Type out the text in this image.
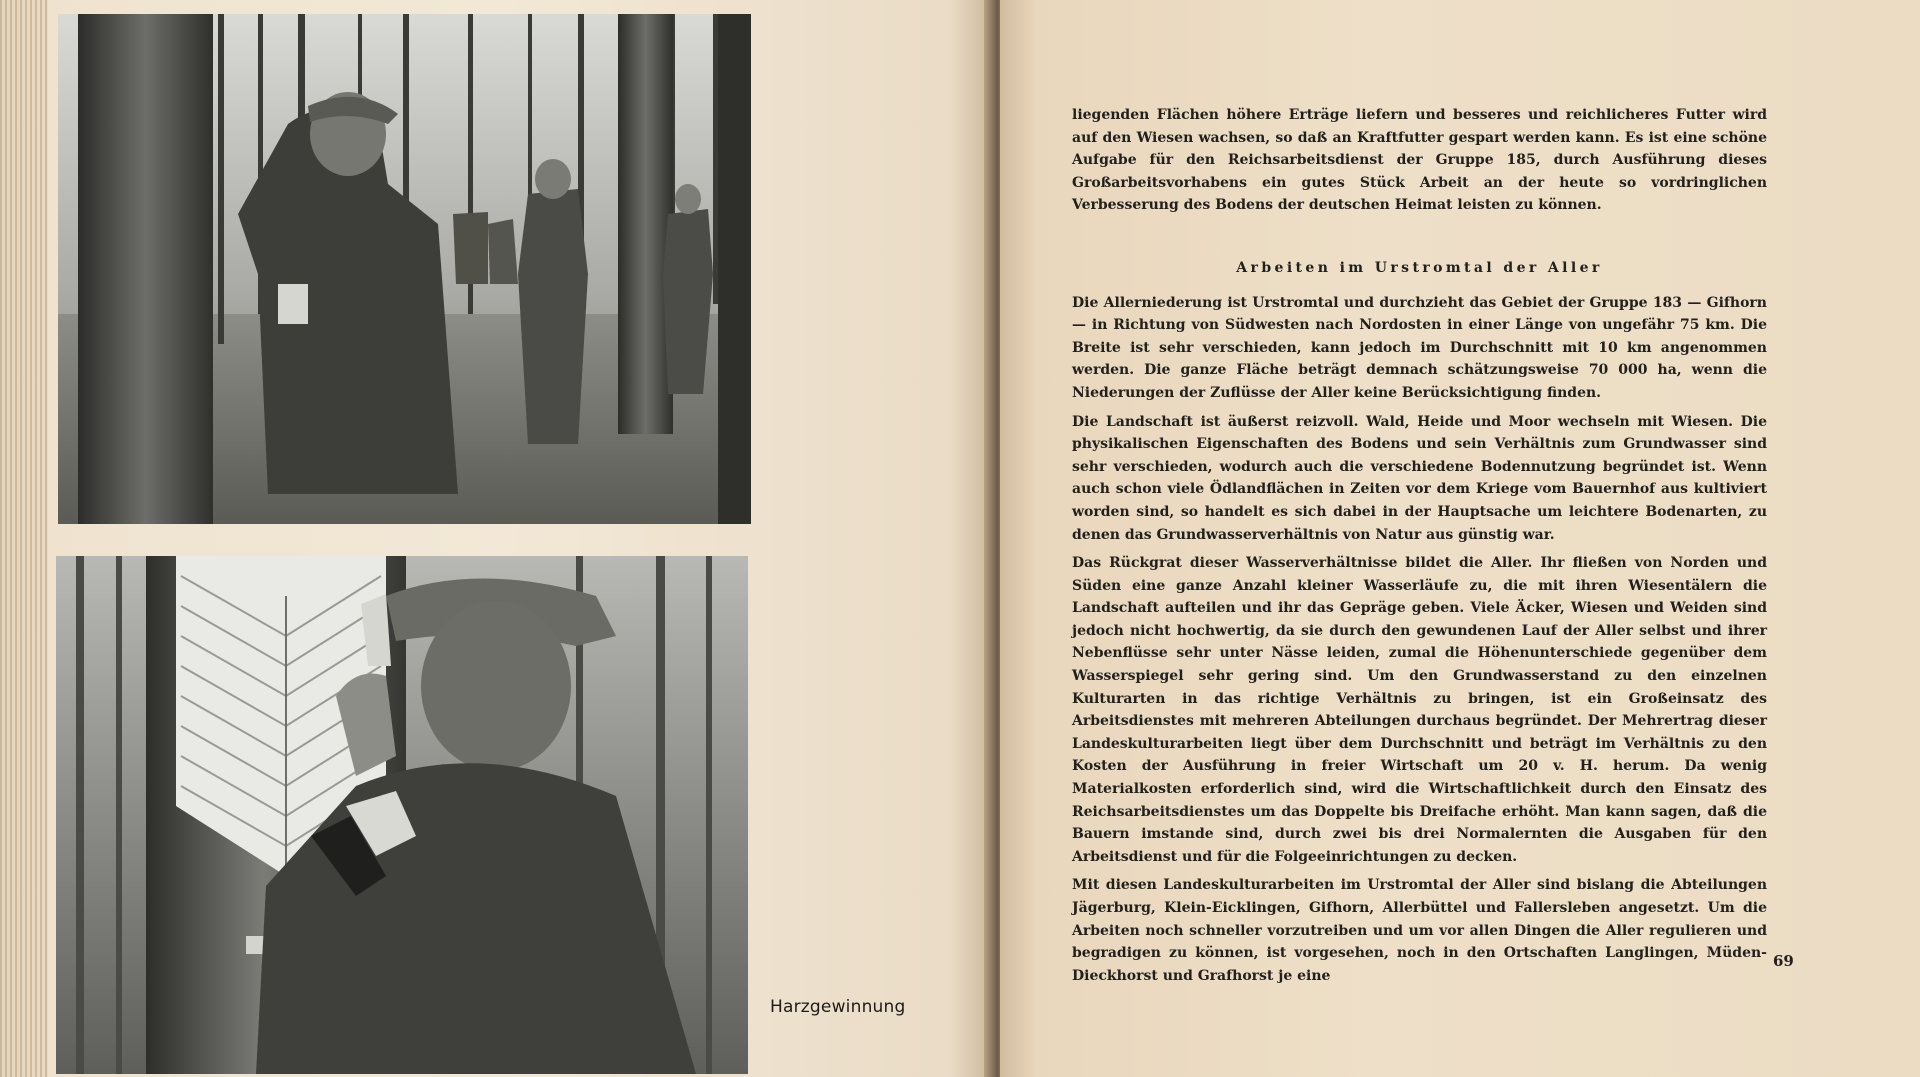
Harzgewinnung

liegenden Flächen höhere Erträge liefern und besseres und reichlicheres Futter wird auf den Wiesen wachsen, so daß an Kraftfutter gespart werden kann. Es ist eine schöne Aufgabe für den Reichsarbeitsdienst der Gruppe 185, durch Ausführung dieses Großarbeitsvorhabens ein gutes Stück Arbeit an der heute so vordringlichen Verbesserung des Bodens der deutschen Heimat leisten zu können.

Arbeiten im Urstromtal der Aller

Die Allerniederung ist Urstromtal und durchzieht das Gebiet der Gruppe 183 — Gifhorn — in Richtung von Südwesten nach Nordosten in einer Länge von ungefähr 75 km. Die Breite ist sehr verschieden, kann jedoch im Durchschnitt mit 10 km angenommen werden. Die ganze Fläche beträgt demnach schätzungsweise 70 000 ha, wenn die Niederungen der Zuflüsse der Aller keine Berücksichtigung finden.

Die Landschaft ist äußerst reizvoll. Wald, Heide und Moor wechseln mit Wiesen. Die physikalischen Eigenschaften des Bodens und sein Verhältnis zum Grundwasser sind sehr verschieden, wodurch auch die verschiedene Bodennutzung begründet ist. Wenn auch schon viele Ödlandflächen in Zeiten vor dem Kriege vom Bauernhof aus kultiviert worden sind, so handelt es sich dabei in der Hauptsache um leichtere Bodenarten, zu denen das Grundwasserverhältnis von Natur aus günstig war.

Das Rückgrat dieser Wasserverhältnisse bildet die Aller. Ihr fließen von Norden und Süden eine ganze Anzahl kleiner Wasserläufe zu, die mit ihren Wiesentälern die Landschaft aufteilen und ihr das Gepräge geben. Viele Äcker, Wiesen und Weiden sind jedoch nicht hochwertig, da sie durch den gewundenen Lauf der Aller selbst und ihrer Nebenflüsse sehr unter Nässe leiden, zumal die Höhenunterschiede gegenüber dem Wasserspiegel sehr gering sind. Um den Grundwasserstand zu den einzelnen Kulturarten in das richtige Verhältnis zu bringen, ist ein Großeinsatz des Arbeitsdienstes mit mehreren Abteilungen durchaus begründet. Der Mehrertrag dieser Landeskulturarbeiten liegt über dem Durchschnitt und beträgt im Verhältnis zu den Kosten der Ausführung in freier Wirtschaft um 20 v. H. herum. Da wenig Materialkosten erforderlich sind, wird die Wirtschaftlichkeit durch den Einsatz des Reichsarbeitsdienstes um das Doppelte bis Dreifache erhöht. Man kann sagen, daß die Bauern imstande sind, durch zwei bis drei Normalernten die Ausgaben für den Arbeitsdienst und für die Folgeeinrichtungen zu decken.

Mit diesen Landeskulturarbeiten im Urstromtal der Aller sind bislang die Abteilungen Jägerburg, Klein-Eicklingen, Gifhorn, Allerbüttel und Fallersleben angesetzt. Um die Arbeiten noch schneller vorzutreiben und um vor allen Dingen die Aller regulieren und begradigen zu können, ist vorgesehen, noch in den Ortschaften Langlingen, Müden-Dieckhorst und Grafhorst je eine

69
